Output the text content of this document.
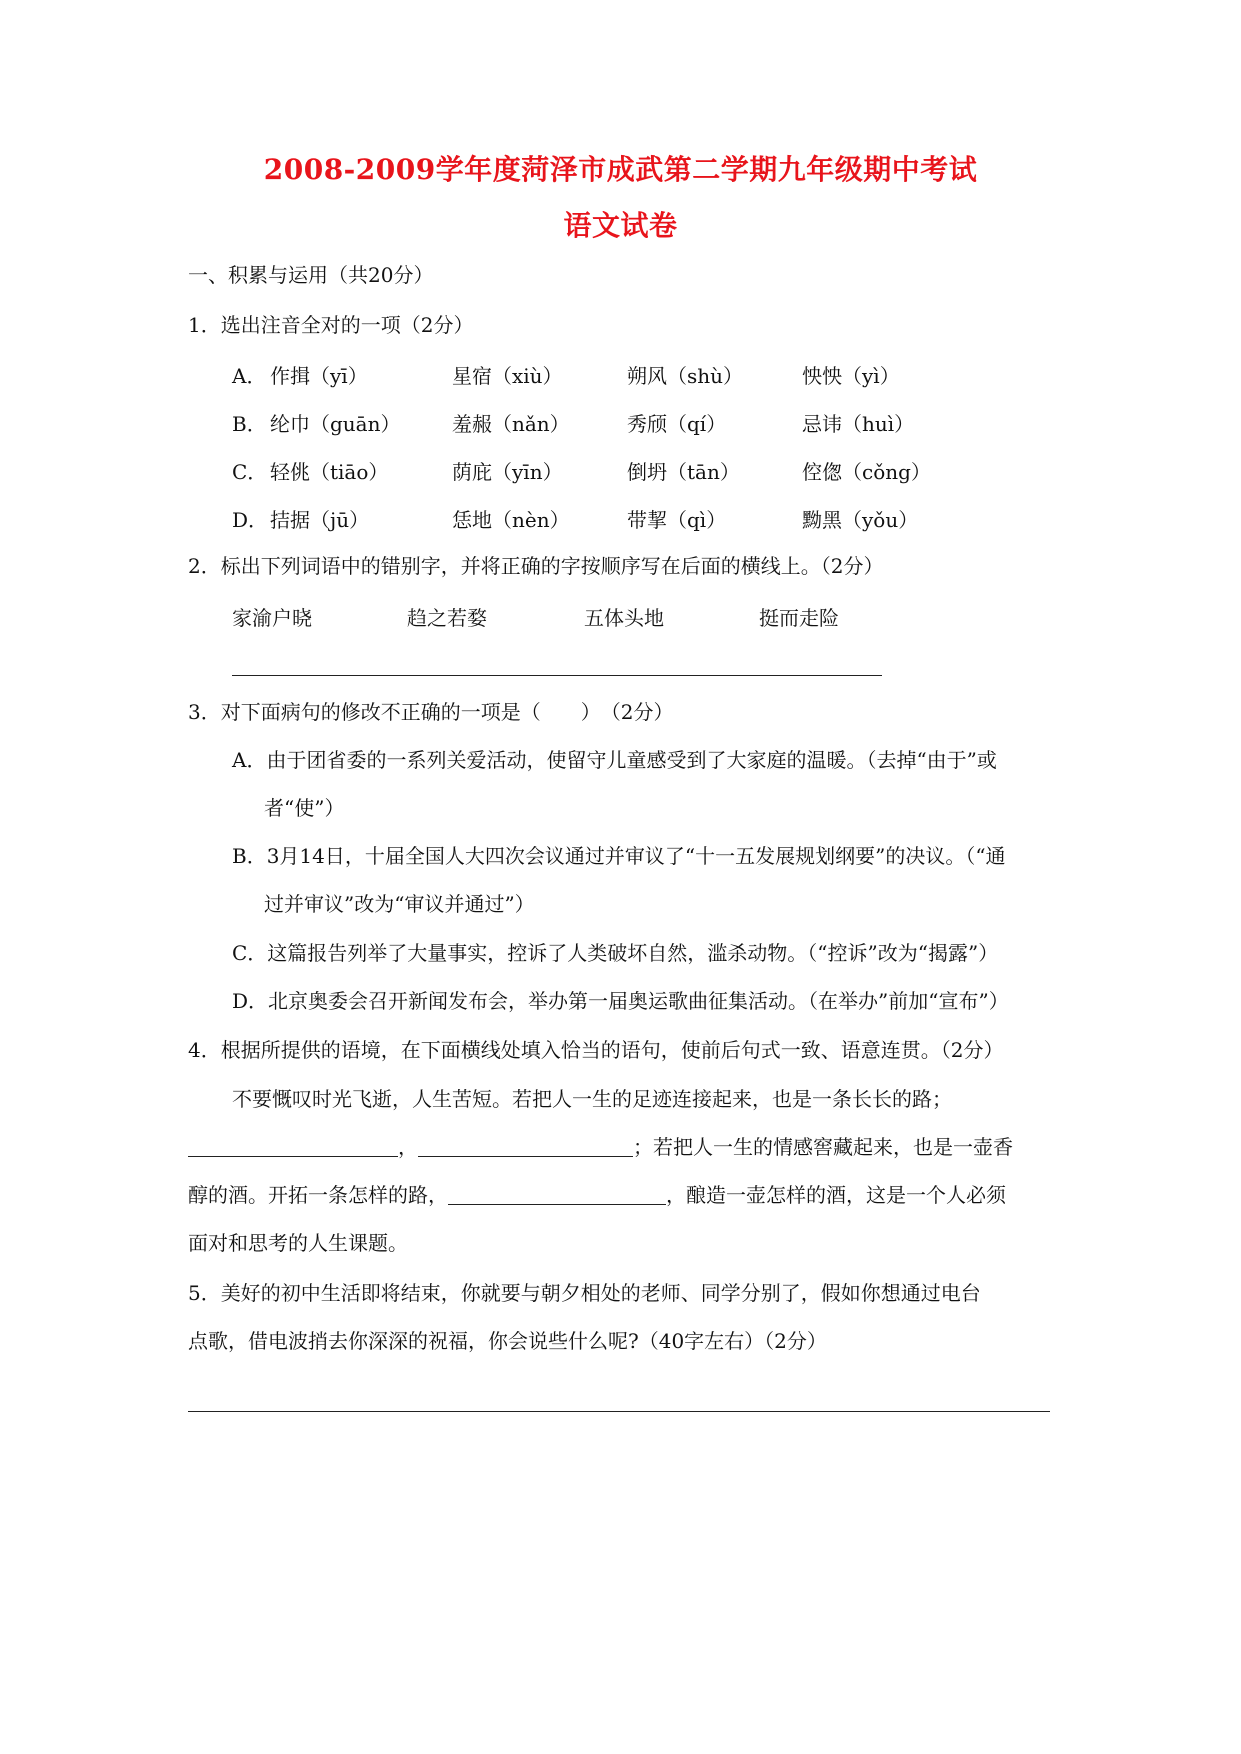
2008-2009学年度菏泽市成武第二学期九年级期中考试
语文试卷
一、积累与运用（共20分）
1．选出注音全对的一项（2分）
A． 作揖（yī）	星宿（xiù）	朔风（shù）	怏怏（yì）
B． 纶巾（guān）	羞赧（nǎn）	秀颀（qí）	忌讳（huì）
C． 轻佻（tiāo）	荫庇（yīn）	倒坍（tān）	倥偬（cǒng）
D． 拮据（jū）	恁地（nèn）	带挈（qì）	黝黑（yǒu）
2．标出下列词语中的错别字，并将正确的字按顺序写在后面的横线上。（2分）
家渝户晓	趋之若婺	五体头地	挺而走险
3．对下面病句的修改不正确的一项是（　　）　（2分）
A．由于团省委的一系列关爱活动，使留守儿童感受到了大家庭的温暖。（去掉“由于”或
者“使”）
B．3月14日，十届全国人大四次会议通过并审议了“十一五发展规划纲要”的决议。（“通
过并审议”改为“审议并通过”）
C．这篇报告列举了大量事实，控诉了人类破坏自然，滥杀动物。（“控诉”改为“揭露”）
D．北京奥委会召开新闻发布会，举办第一届奥运歌曲征集活动。（在举办”前加“宣布”）
4．根据所提供的语境，在下面横线处填入恰当的语句，使前后句式一致、语意连贯。（2分）
不要慨叹时光飞逝，人生苦短。若把人一生的足迹连接起来，也是一条长长的路；
，	；若把人一生的情感窖藏起来，也是一壶香
醇的酒。开拓一条怎样的路，	，酿造一壶怎样的酒，这是一个人必须
面对和思考的人生课题。
5．美好的初中生活即将结束，你就要与朝夕相处的老师、同学分别了，假如你想通过电台
点歌，借电波捎去你深深的祝福，你会说些什么呢?（40字左右）（2分）
